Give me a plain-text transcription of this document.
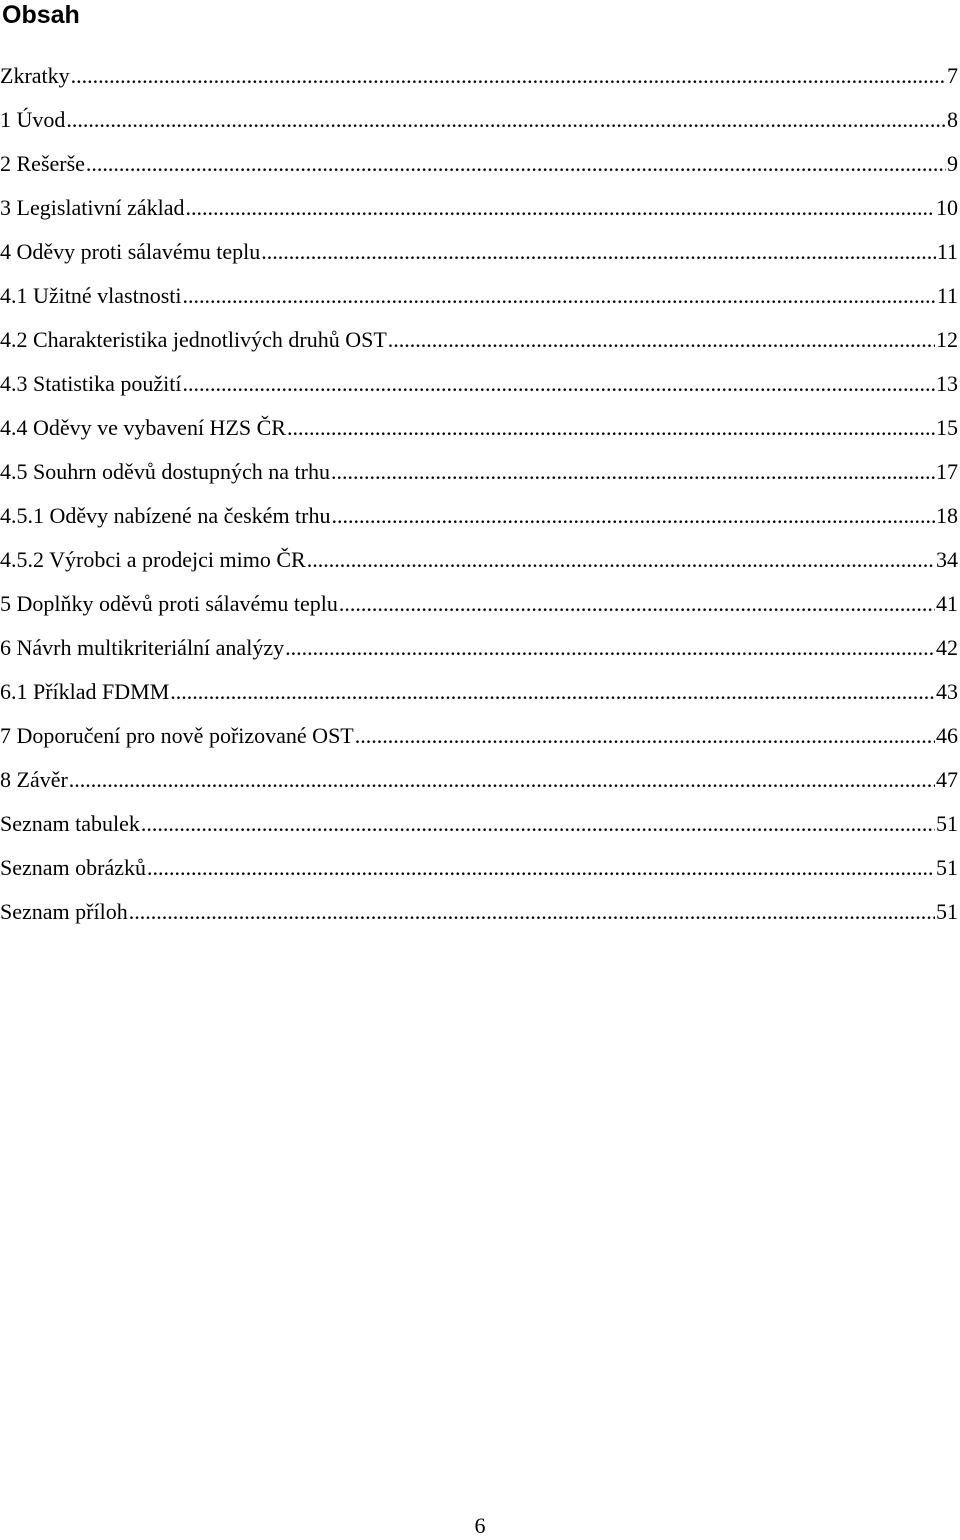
Obsah
Zkratky .....	7
1 Úvod .....	8
2 Rešerše .....	9
3 Legislativní základ .....	10
4 Oděvy proti sálavému teplu .....	11
4.1 Užitné vlastnosti .....	11
4.2 Charakteristika jednotlivých druhů OST .....	12
4.3 Statistika použití .....	13
4.4 Oděvy ve vybavení HZS ČR .....	15
4.5 Souhrn oděvů dostupných na trhu .....	17
4.5.1 Oděvy nabízené na českém trhu .....	18
4.5.2 Výrobci a prodejci mimo ČR .....	34
5 Doplňky oděvů proti sálavému teplu .....	41
6 Návrh multikriteriální analýzy .....	42
6.1 Příklad FDMM .....	43
7 Doporučení pro nově pořizované OST .....	46
8 Závěr .....	47
Seznam tabulek .....	51
Seznam obrázků .....	51
Seznam příloh .....	51
6
